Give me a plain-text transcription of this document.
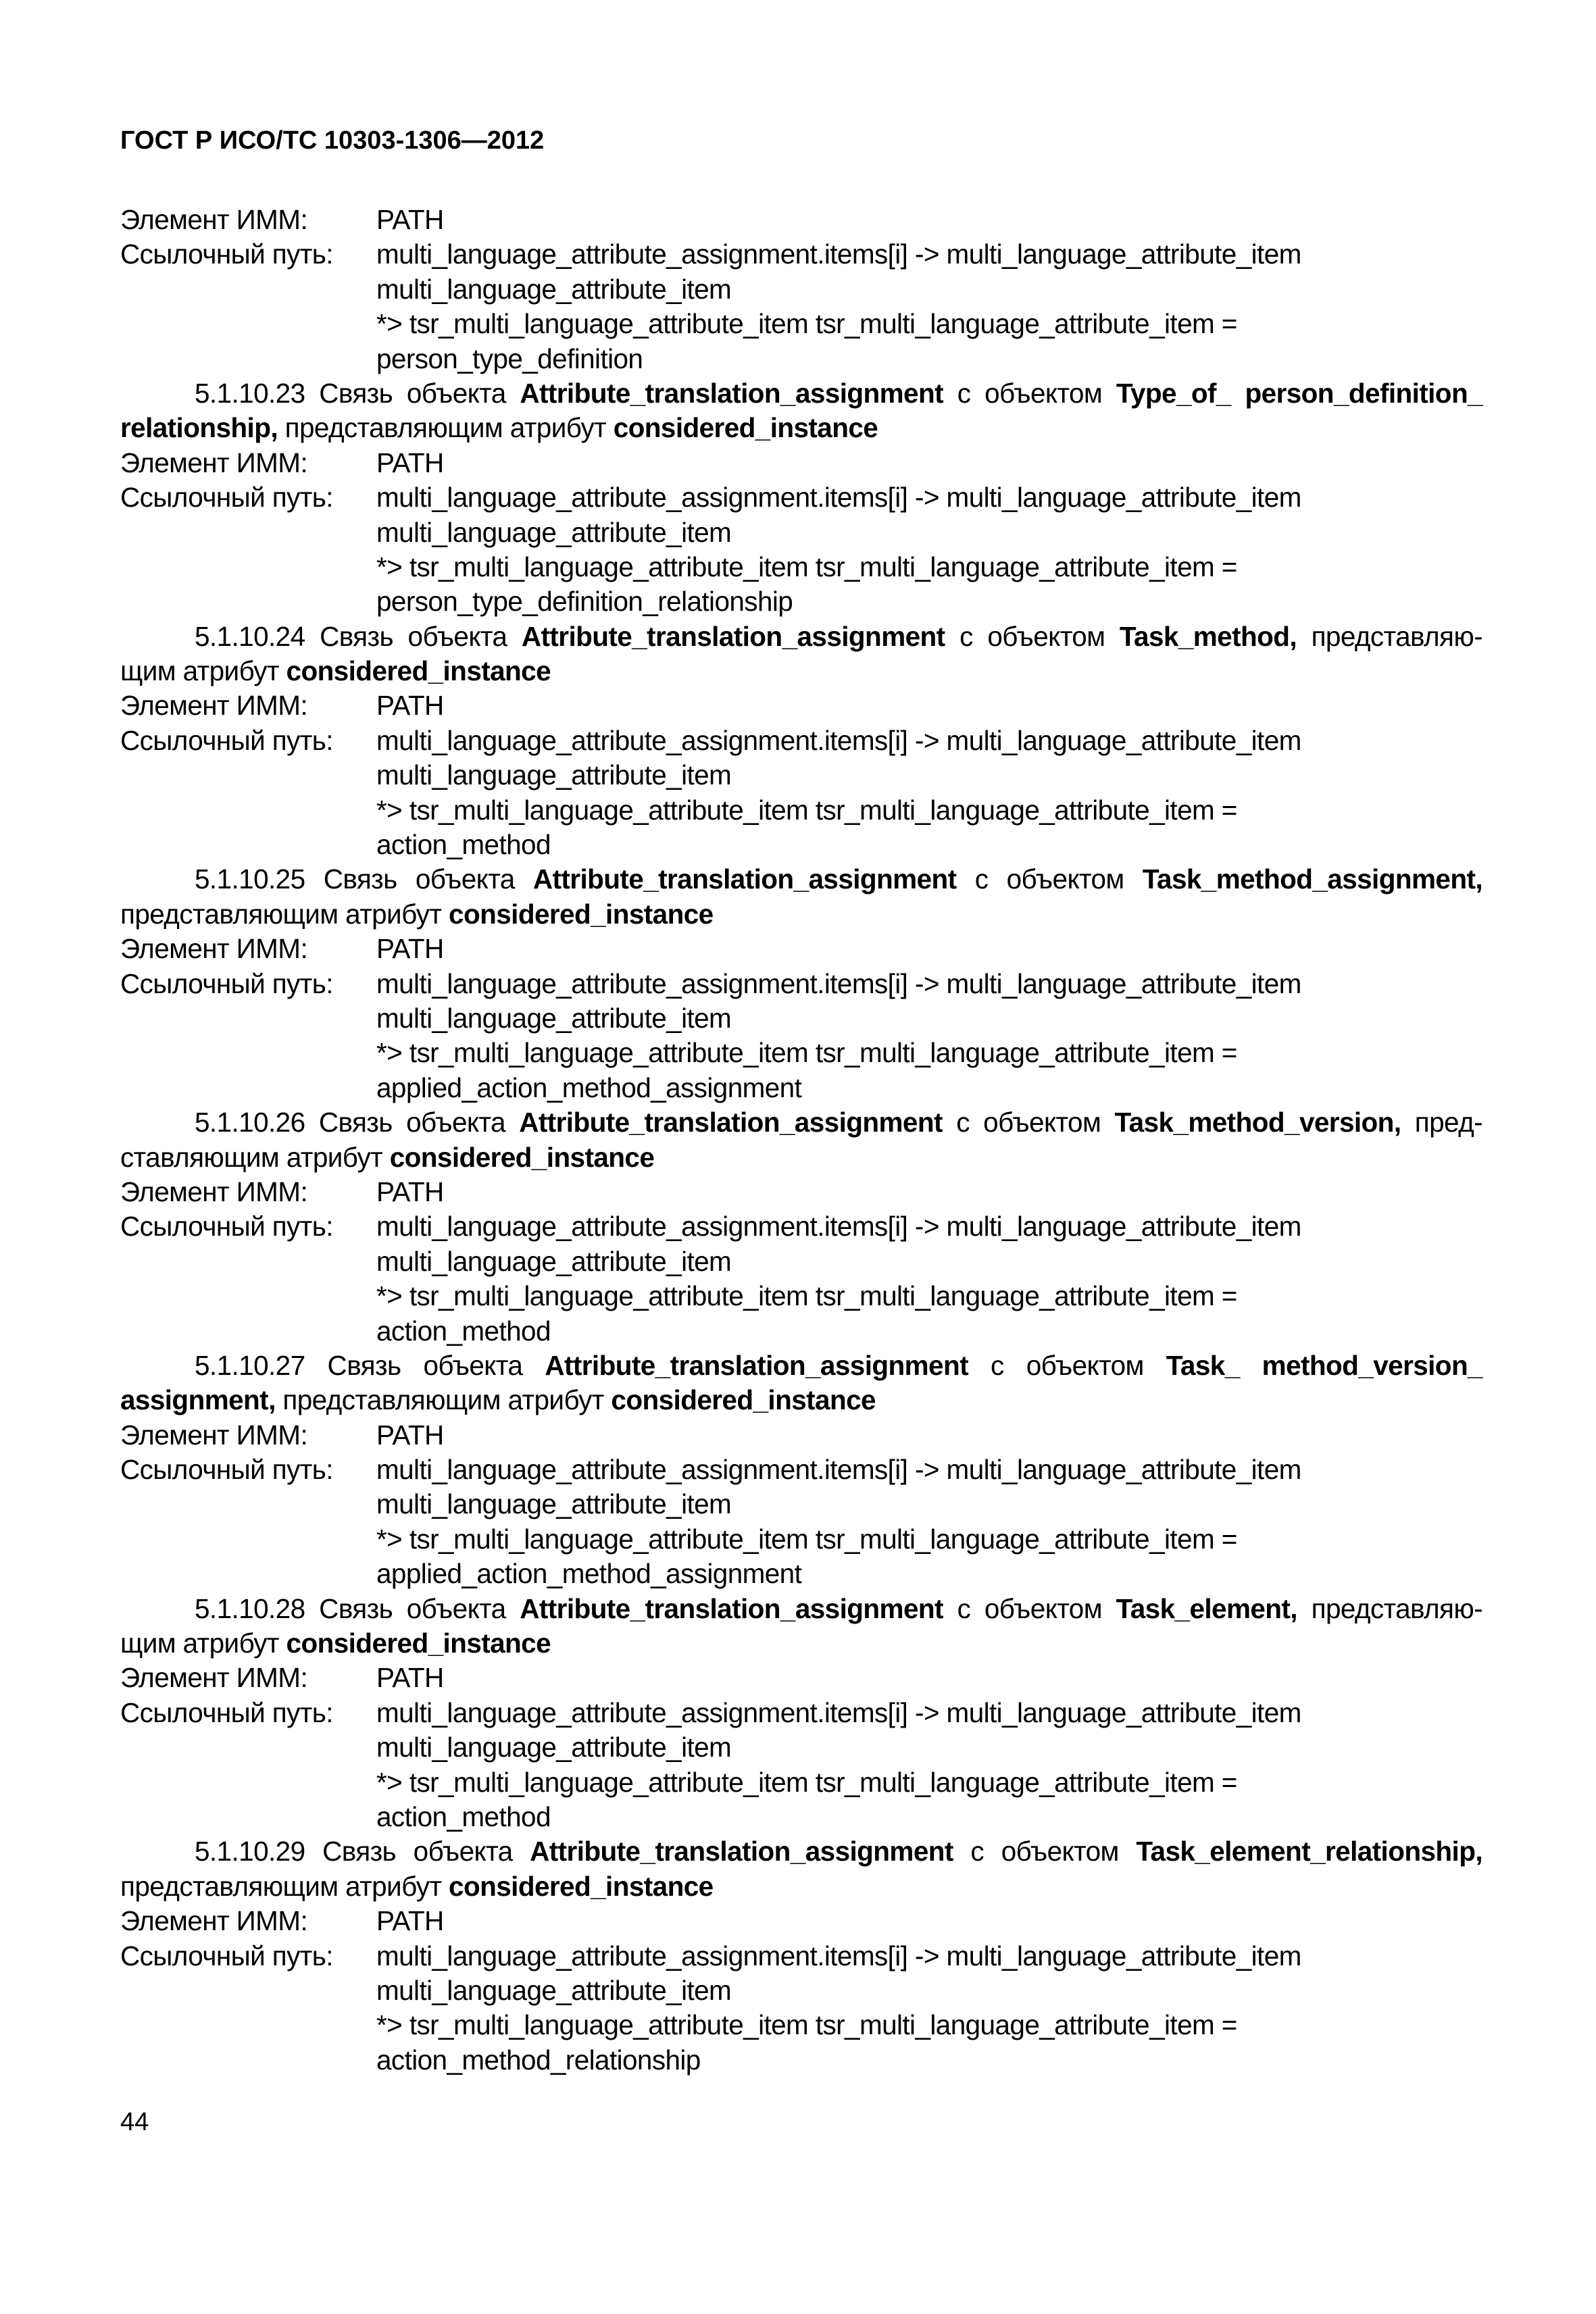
ГОСТ Р ИСО/ТС 10303-1306—2012
Элемент ИММ:	PATH
Ссылочный путь:	multi_language_attribute_assignment.items[i] -> multi_language_attribute_item
multi_language_attribute_item
*> tsr_multi_language_attribute_item tsr_multi_language_attribute_item =
person_type_definition
5.1.10.23 Связь объекта Attribute_translation_assignment с объектом Type_of_ person_definition_
relationship, представляющим атрибут considered_instance
Элемент ИММ:	PATH
Ссылочный путь:	multi_language_attribute_assignment.items[i] -> multi_language_attribute_item
multi_language_attribute_item
*> tsr_multi_language_attribute_item tsr_multi_language_attribute_item =
person_type_definition_relationship
5.1.10.24 Связь объекта Attribute_translation_assignment с объектом Task_method, представляю-
щим атрибут considered_instance
Элемент ИММ:	PATH
Ссылочный путь:	multi_language_attribute_assignment.items[i] -> multi_language_attribute_item
multi_language_attribute_item
*> tsr_multi_language_attribute_item tsr_multi_language_attribute_item =
action_method
5.1.10.25 Связь объекта Attribute_translation_assignment с объектом Task_method_assignment,
представляющим атрибут considered_instance
Элемент ИММ:	PATH
Ссылочный путь:	multi_language_attribute_assignment.items[i] -> multi_language_attribute_item
multi_language_attribute_item
*> tsr_multi_language_attribute_item tsr_multi_language_attribute_item =
applied_action_method_assignment
5.1.10.26 Связь объекта Attribute_translation_assignment с объектом Task_method_version, пред-
ставляющим атрибут considered_instance
Элемент ИММ:	PATH
Ссылочный путь:	multi_language_attribute_assignment.items[i] -> multi_language_attribute_item
multi_language_attribute_item
*> tsr_multi_language_attribute_item tsr_multi_language_attribute_item =
action_method
5.1.10.27 Связь объекта Attribute_translation_assignment с объектом Task_ method_version_
assignment, представляющим атрибут considered_instance
Элемент ИММ:	PATH
Ссылочный путь:	multi_language_attribute_assignment.items[i] -> multi_language_attribute_item
multi_language_attribute_item
*> tsr_multi_language_attribute_item tsr_multi_language_attribute_item =
applied_action_method_assignment
5.1.10.28 Связь объекта Attribute_translation_assignment с объектом Task_element, представляю-
щим атрибут considered_instance
Элемент ИММ:	PATH
Ссылочный путь:	multi_language_attribute_assignment.items[i] -> multi_language_attribute_item
multi_language_attribute_item
*> tsr_multi_language_attribute_item tsr_multi_language_attribute_item =
action_method
5.1.10.29 Связь объекта Attribute_translation_assignment с объектом Task_element_relationship,
представляющим атрибут considered_instance
Элемент ИММ:	PATH
Ссылочный путь:	multi_language_attribute_assignment.items[i] -> multi_language_attribute_item
multi_language_attribute_item
*> tsr_multi_language_attribute_item tsr_multi_language_attribute_item =
action_method_relationship
44
